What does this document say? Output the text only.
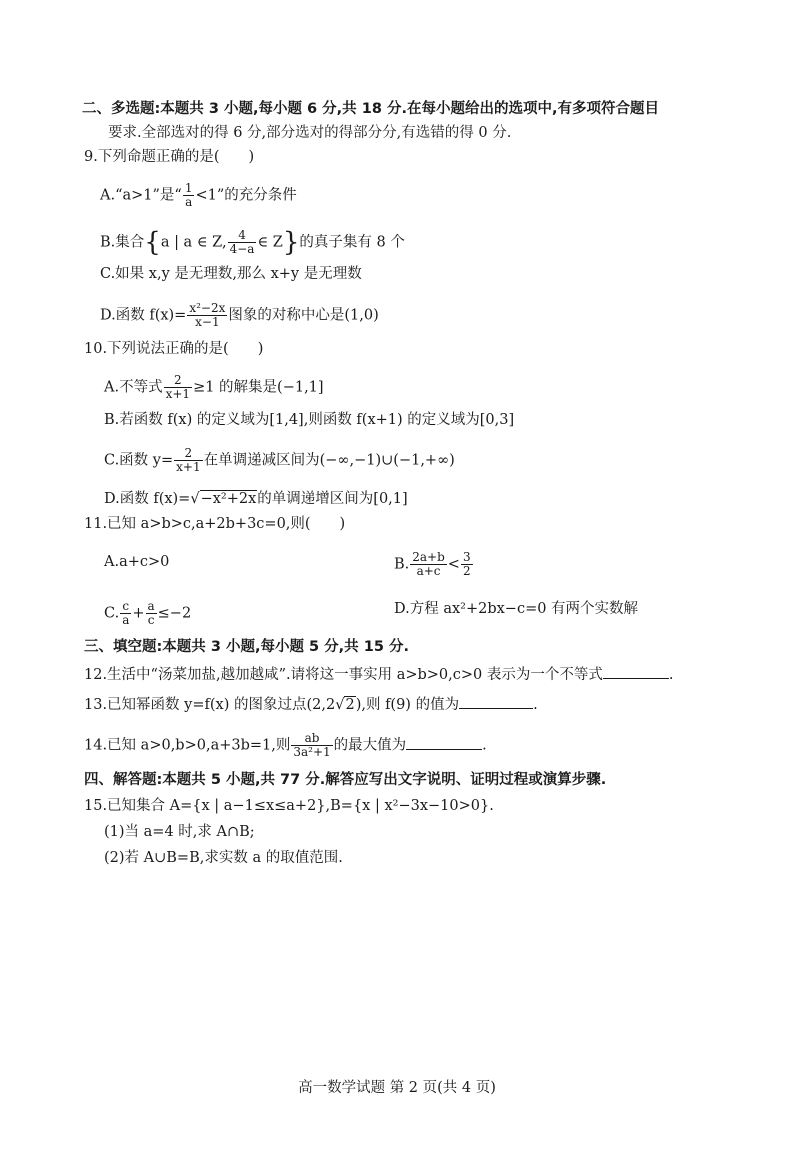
二、多选题:本题共 3 小题,每小题 6 分,共 18 分.在每小题给出的选项中,有多项符合题目
要求.全部选对的得 6 分,部分选对的得部分分,有选错的得 0 分.
9.下列命题正确的是(　　)
A.“a>1”是“ $\frac{1}{a} <1$”的充分条件
B.集合{a | a ∈ Z, $\frac{4}{4-a}$ ∈ Z}的真子集有 8 个
C.如果 x,y 是无理数,那么 x+y 是无理数
D.函数 $f(x)= \frac{\text{x²−2x}}{x-1}$ 图象的对称中心是(1,0)
10.下列说法正确的是(　　)
A.不等式 $\frac{2}{x+1} \ge 1$ 的解集是(−1,1]
B.若函数 f(x) 的定义域为[1,4],则函数 f(x+1) 的定义域为[0,3]
C.函数 $y= \frac{2}{x+1}$ 在单调递减区间为(−∞,−1)∪(−1,+∞)
D.函数 f(x)=√−x²+2x的单调递增区间为[0,1]
11.已知 a>b>c,a+2b+3c=0,则(　　)
A.a+c>0	B. $\frac{2a+b}{a+c} < \frac{3}{2}$
C. $\frac{c}{a} + \frac{a}{c} \le-2$	D.方程 ax²+2bx−c=0 有两个实数解
三、填空题:本题共 3 小题,每小题 5 分,共 15 分.
12.生活中“汤菜加盐,越加越咸”.请将这一事实用 a>b>0,c>0 表示为一个不等式	.
13.已知幂函数 y=f(x) 的图象过点(2,2√2),则 f(9) 的值为	.
14.已知 a>0,b>0,a+3b=1,则 $\frac{ab}{\text{3a²+1}}$ 的最大值为	.
四、解答题:本题共 5 小题,共 77 分.解答应写出文字说明、证明过程或演算步骤.
15.已知集合 A={x | a−1≤x≤a+2},B={x | x²−3x−10>0}.
(1)当 a=4 时,求 A∩B;
(2)若 A∪B=B,求实数 a 的取值范围.
高一数学试题 第 2 页(共 4 页)
